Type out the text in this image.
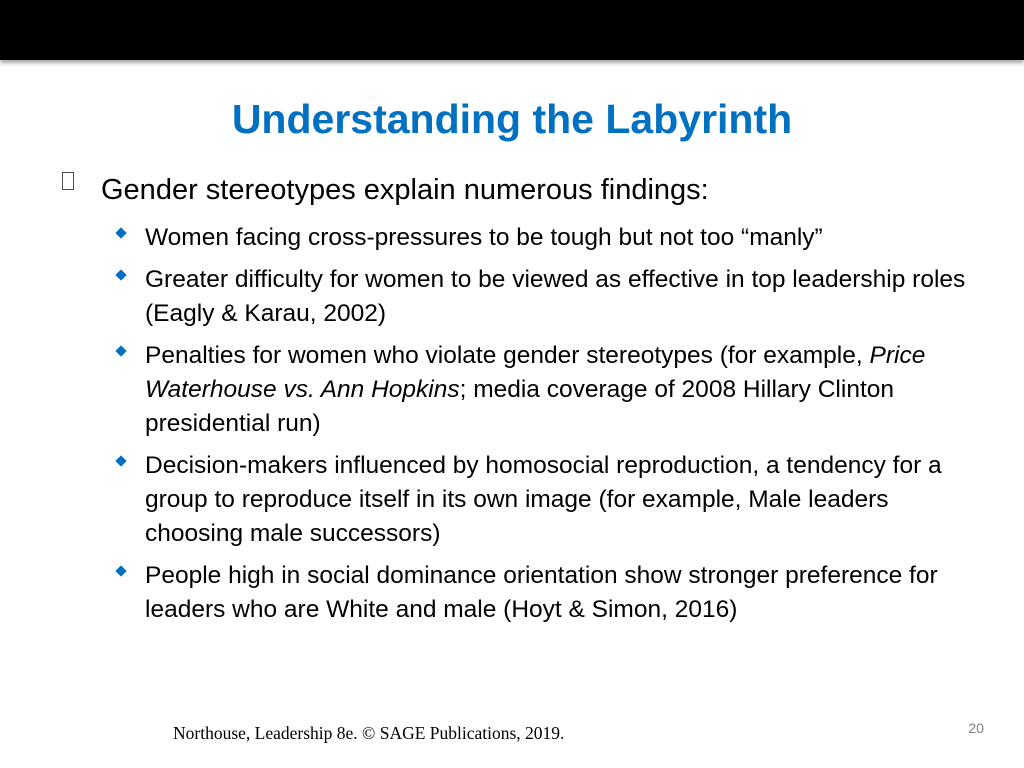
Understanding the Labyrinth
Gender stereotypes explain numerous findings:
Women facing cross-pressures to be tough but not too “manly”
Greater difficulty for women to be viewed as effective in top leadership roles (Eagly & Karau, 2002)
Penalties for women who violate gender stereotypes (for example, Price Waterhouse vs. Ann Hopkins; media coverage of 2008 Hillary Clinton presidential run)
Decision-makers influenced by homosocial reproduction, a tendency for a group to reproduce itself in its own image (for example, Male leaders choosing male successors)
People high in social dominance orientation show stronger preference for leaders who are White and male (Hoyt & Simon, 2016)
Northouse, Leadership 8e. © SAGE Publications, 2019.	20
